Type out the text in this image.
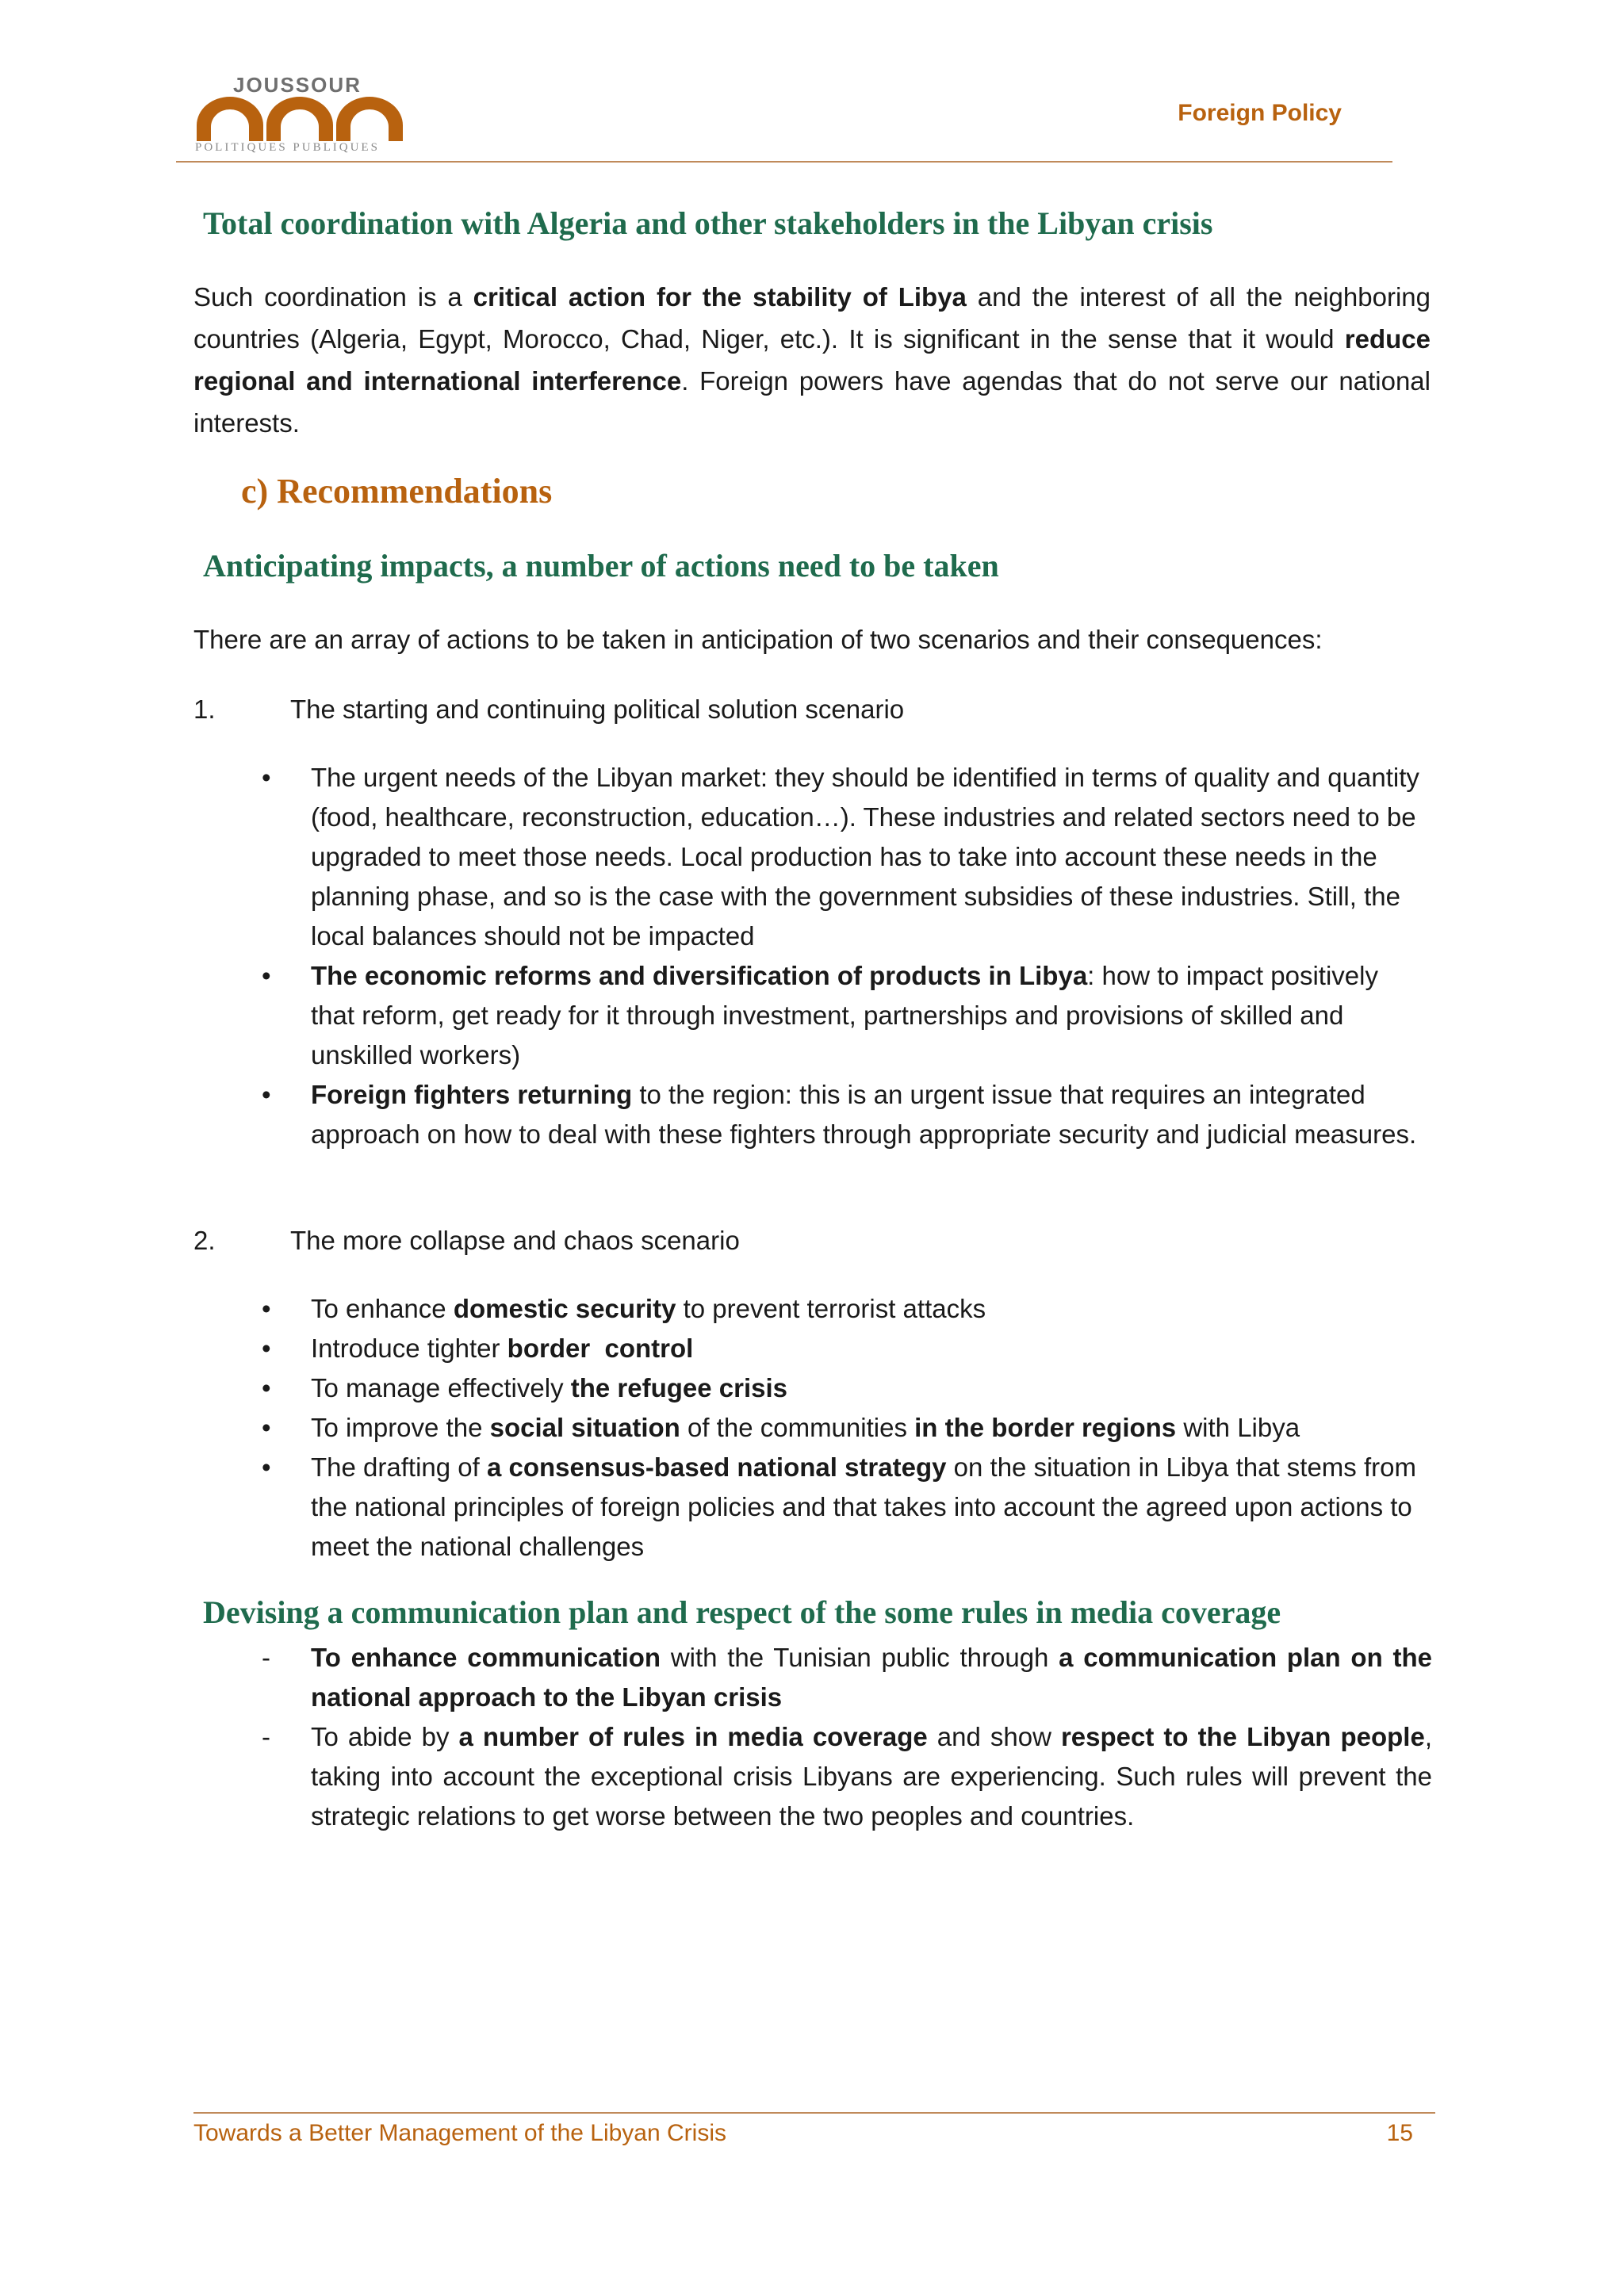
JOUSSOUR
POLITIQUES PUBLIQUES
Foreign Policy
Total coordination with Algeria and other stakeholders in the Libyan crisis

Such coordination is a critical action for the stability of Libya and the interest of all the neighboring countries (Algeria, Egypt, Morocco, Chad, Niger, etc.). It is significant in the sense that it would reduce regional and international interference. Foreign powers have agendas that do not serve our national interests.

c) Recommendations
Anticipating impacts, a number of actions need to be taken

There are an array of actions to be taken in anticipation of two scenarios and their consequences:

1.	The starting and continuing political solution scenario
•	The urgent needs of the Libyan market: they should be identified in terms of quality and quantity (food, healthcare, reconstruction, education…). These industries and related sectors need to be upgraded to meet those needs. Local production has to take into account these needs in the planning phase, and so is the case with the government subsidies of these industries. Still, the local balances should not be impacted
•	The economic reforms and diversification of products in Libya: how to impact positively that reform, get ready for it through investment, partnerships and provisions of skilled and unskilled workers)
•	Foreign fighters returning to the region: this is an urgent issue that requires an integrated approach on how to deal with these fighters through appropriate security and judicial measures.
2.	The more collapse and chaos scenario
•	To enhance domestic security to prevent terrorist attacks
•	Introduce tighter border  control
•	To manage effectively the refugee crisis
•	To improve the social situation of the communities in the border regions with Libya
•	The drafting of a consensus-based national strategy on the situation in Libya that stems from the national principles of foreign policies and that takes into account the agreed upon actions to meet the national challenges
Devising a communication plan and respect of the some rules in media coverage
- To enhance communication with the Tunisian public through a communication plan on the national approach to the Libyan crisis
- To abide by a number of rules in media coverage and show respect to the Libyan people, taking into account the exceptional crisis Libyans are experiencing. Such rules will prevent the strategic relations to get worse between the two peoples and countries.
Towards a Better Management of the Libyan Crisis	15
